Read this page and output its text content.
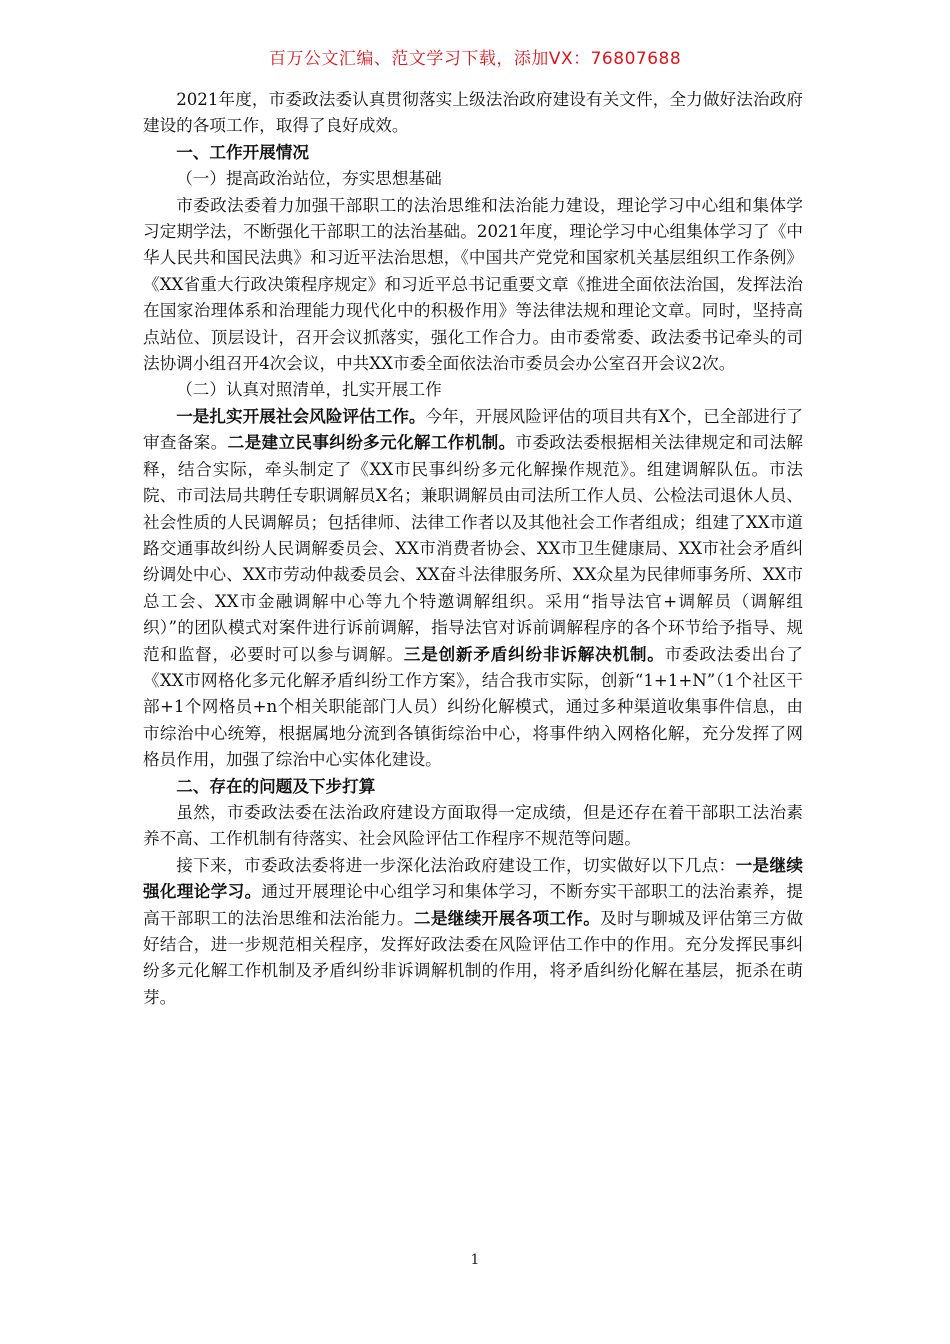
百万公文汇编、范文学习下载，添加VX：76807688

2021年度，市委政法委认真贯彻落实上级法治政府建设有关文件，全力做好法治政府建设的各项工作，取得了良好成效。

一、工作开展情况
（一）提高政治站位，夯实思想基础

市委政法委着力加强干部职工的法治思维和法治能力建设，理论学习中心组和集体学习定期学法，不断强化干部职工的法治基础。2021年度，理论学习中心组集体学习了《中华人民共和国民法典》和习近平法治思想，《中国共产党党和国家机关基层组织工作条例》《XX省重大行政决策程序规定》和习近平总书记重要文章《推进全面依法治国，发挥法治在国家治理体系和治理能力现代化中的积极作用》等法律法规和理论文章。同时，坚持高点站位、顶层设计，召开会议抓落实，强化工作合力。由市委常委、政法委书记牵头的司法协调小组召开4次会议，中共XX市委全面依法治市委员会办公室召开会议2次。

（二）认真对照清单，扎实开展工作

一是扎实开展社会风险评估工作。今年，开展风险评估的项目共有X个，已全部进行了审查备案。二是建立民事纠纷多元化解工作机制。市委政法委根据相关法律规定和司法解释，结合实际，牵头制定了《XX市民事纠纷多元化解操作规范》。组建调解队伍。市法院、市司法局共聘任专职调解员X名；兼职调解员由司法所工作人员、公检法司退休人员、社会性质的人民调解员；包括律师、法律工作者以及其他社会工作者组成；组建了XX市道路交通事故纠纷人民调解委员会、XX市消费者协会、XX市卫生健康局、XX市社会矛盾纠纷调处中心、XX市劳动仲裁委员会、XX奋斗法律服务所、XX众星为民律师事务所、XX市总工会、XX市金融调解中心等九个特邀调解组织。采用“指导法官+调解员（调解组织）”的团队模式对案件进行诉前调解，指导法官对诉前调解程序的各个环节给予指导、规范和监督，必要时可以参与调解。三是创新矛盾纠纷非诉解决机制。市委政法委出台了《XX市网格化多元化解矛盾纠纷工作方案》，结合我市实际，创新“1+1+N”（1个社区干部+1个网格员+n个相关职能部门人员）纠纷化解模式，通过多种渠道收集事件信息，由市综治中心统筹，根据属地分流到各镇街综治中心，将事件纳入网格化解，充分发挥了网格员作用，加强了综治中心实体化建设。

二、存在的问题及下步打算

虽然，市委政法委在法治政府建设方面取得一定成绩，但是还存在着干部职工法治素养不高、工作机制有待落实、社会风险评估工作程序不规范等问题。

接下来，市委政法委将进一步深化法治政府建设工作，切实做好以下几点：一是继续强化理论学习。通过开展理论中心组学习和集体学习，不断夯实干部职工的法治素养，提高干部职工的法治思维和法治能力。二是继续开展各项工作。及时与聊城及评估第三方做好结合，进一步规范相关程序，发挥好政法委在风险评估工作中的作用。充分发挥民事纠纷多元化解工作机制及矛盾纠纷非诉调解机制的作用，将矛盾纠纷化解在基层，扼杀在萌芽。

1
